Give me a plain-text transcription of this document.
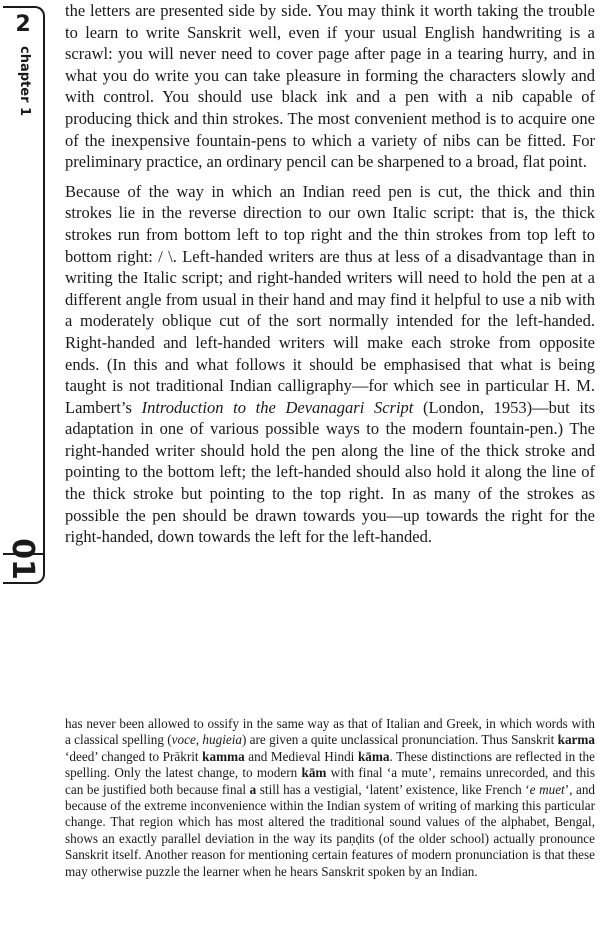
2
chapter 1
01

the letters are presented side by side. You may think it worth taking the trouble to learn to write Sanskrit well, even if your usual English handwriting is a scrawl: you will never need to cover page after page in a tearing hurry, and in what you do write you can take pleasure in forming the characters slowly and with control. You should use black ink and a pen with a nib capable of producing thick and thin strokes. The most convenient method is to acquire one of the inexpensive fountain-pens to which a variety of nibs can be fitted. For preliminary practice, an ordinary pencil can be sharpened to a broad, flat point.

Because of the way in which an Indian reed pen is cut, the thick and thin strokes lie in the reverse direction to our own Italic script: that is, the thick strokes run from bottom left to top right and the thin strokes from top left to bottom right: / \. Left-handed writers are thus at less of a disadvantage than in writing the Italic script; and right-handed writers will need to hold the pen at a different angle from usual in their hand and may find it helpful to use a nib with a moderately oblique cut of the sort normally intended for the left-handed. Right-handed and left-handed writers will make each stroke from opposite ends. (In this and what follows it should be emphasised that what is being taught is not traditional Indian calligraphy—for which see in particular H. M. Lambert’s Introduction to the Devanagari Script (London, 1953)—but its adaptation in one of various possible ways to the modern fountain-pen.) The right-handed writer should hold the pen along the line of the thick stroke and pointing to the bottom left; the left-handed should also hold it along the line of the thick stroke but pointing to the top right. In as many of the strokes as possible the pen should be drawn towards you—up towards the right for the right-handed, down towards the left for the left-handed.

has never been allowed to ossify in the same way as that of Italian and Greek, in which words with a classical spelling (voce, hugieia) are given a quite unclassical pronunciation. Thus Sanskrit karma ‘deed’ changed to Prākrit kamma and Medieval Hindi kāma. These distinctions are reflected in the spelling. Only the latest change, to modern kām with final ‘a mute’, remains unrecorded, and this can be justified both because final a still has a vestigial, ‘latent’ existence, like French ‘e muet’, and because of the extreme inconvenience within the Indian system of writing of marking this particular change. That region which has most altered the traditional sound values of the alphabet, Bengal, shows an exactly parallel deviation in the way its paṇḍits (of the older school) actually pronounce Sanskrit itself. Another reason for mentioning certain features of modern pronunciation is that these may otherwise puzzle the learner when he hears Sanskrit spoken by an Indian.
